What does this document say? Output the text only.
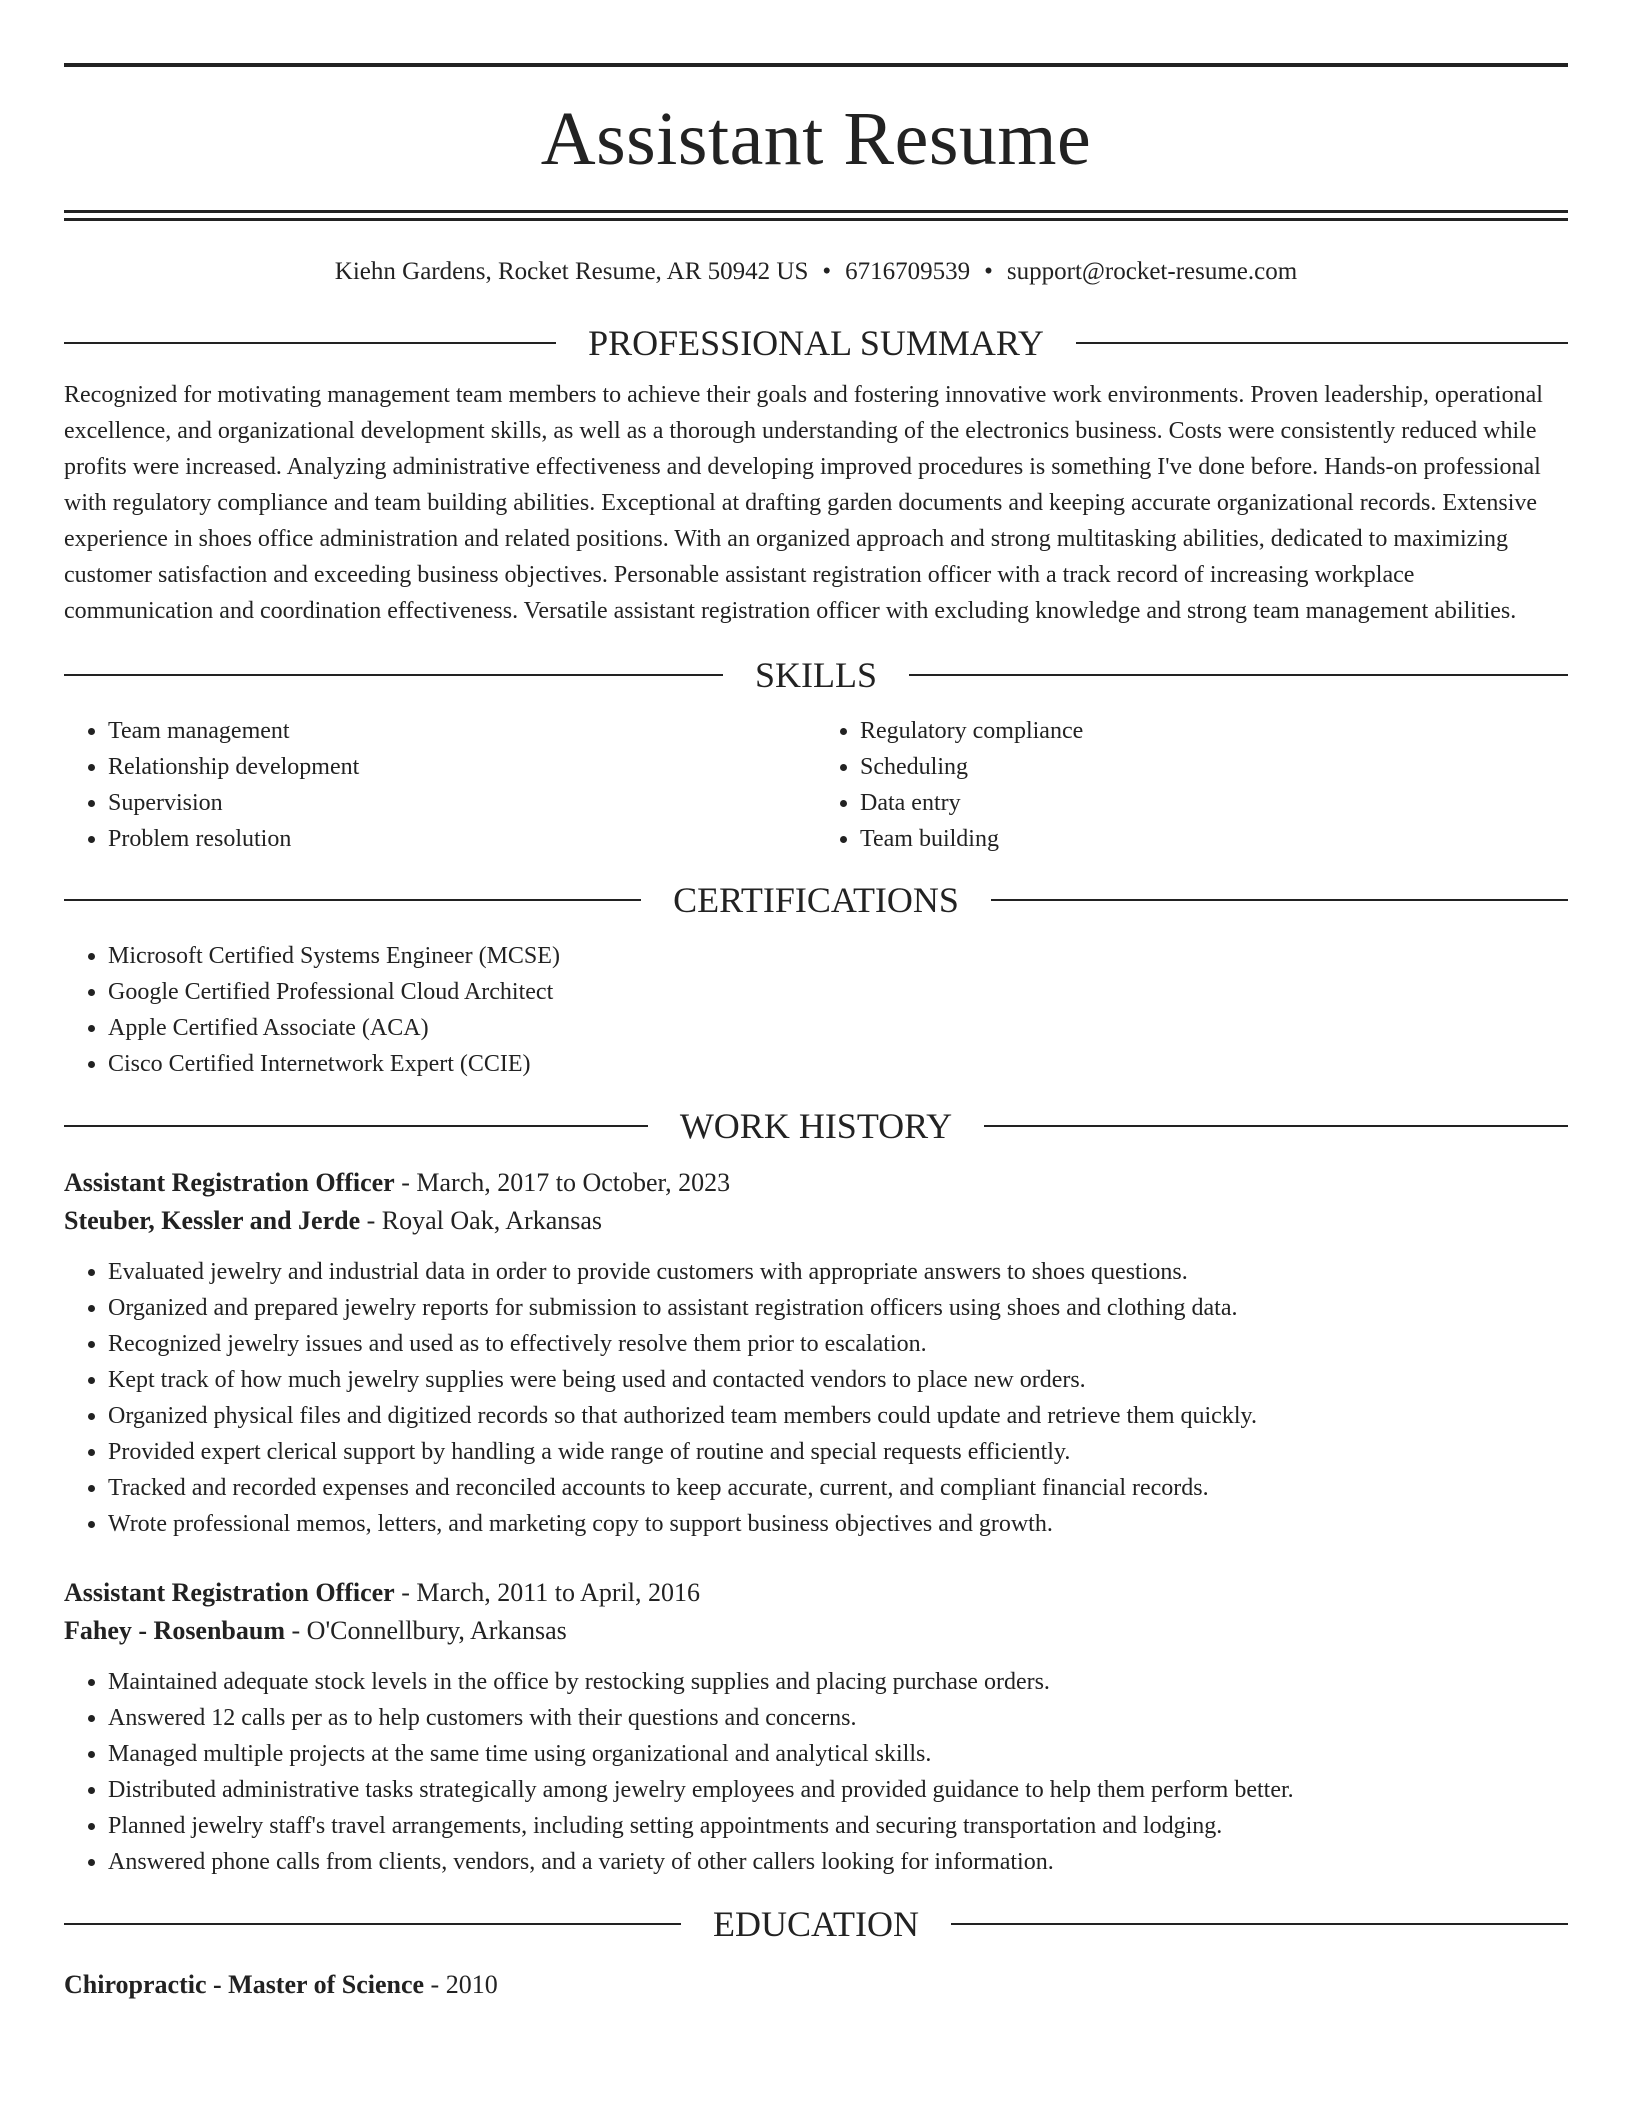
Assistant Resume
Kiehn Gardens, Rocket Resume, AR 50942 US • 6716709539 • support@rocket-resume.com
PROFESSIONAL SUMMARY

Recognized for motivating management team members to achieve their goals and fostering innovative work environments. Proven leadership, operational excellence, and organizational development skills, as well as a thorough understanding of the electronics business. Costs were consistently reduced while profits were increased. Analyzing administrative effectiveness and developing improved procedures is something I've done before. Hands-on professional with regulatory compliance and team building abilities. Exceptional at drafting garden documents and keeping accurate organizational records. Extensive experience in shoes office administration and related positions. With an organized approach and strong multitasking abilities, dedicated to maximizing customer satisfaction and exceeding business objectives. Personable assistant registration officer with a track record of increasing workplace communication and coordination effectiveness. Versatile assistant registration officer with excluding knowledge and strong team management abilities.

SKILLS
• Team management
• Relationship development
• Supervision
• Problem resolution
• Regulatory compliance
• Scheduling
• Data entry
• Team building
CERTIFICATIONS
• Microsoft Certified Systems Engineer (MCSE)
• Google Certified Professional Cloud Architect
• Apple Certified Associate (ACA)
• Cisco Certified Internetwork Expert (CCIE)
WORK HISTORY
Assistant Registration Officer - March, 2017 to October, 2023
Steuber, Kessler and Jerde - Royal Oak, Arkansas
• Evaluated jewelry and industrial data in order to provide customers with appropriate answers to shoes questions.
• Organized and prepared jewelry reports for submission to assistant registration officers using shoes and clothing data.
• Recognized jewelry issues and used as to effectively resolve them prior to escalation.
• Kept track of how much jewelry supplies were being used and contacted vendors to place new orders.
• Organized physical files and digitized records so that authorized team members could update and retrieve them quickly.
• Provided expert clerical support by handling a wide range of routine and special requests efficiently.
• Tracked and recorded expenses and reconciled accounts to keep accurate, current, and compliant financial records.
• Wrote professional memos, letters, and marketing copy to support business objectives and growth.
Assistant Registration Officer - March, 2011 to April, 2016
Fahey - Rosenbaum - O'Connellbury, Arkansas
• Maintained adequate stock levels in the office by restocking supplies and placing purchase orders.
• Answered 12 calls per as to help customers with their questions and concerns.
• Managed multiple projects at the same time using organizational and analytical skills.
• Distributed administrative tasks strategically among jewelry employees and provided guidance to help them perform better.
• Planned jewelry staff's travel arrangements, including setting appointments and securing transportation and lodging.
• Answered phone calls from clients, vendors, and a variety of other callers looking for information.
EDUCATION
Chiropractic - Master of Science - 2010
